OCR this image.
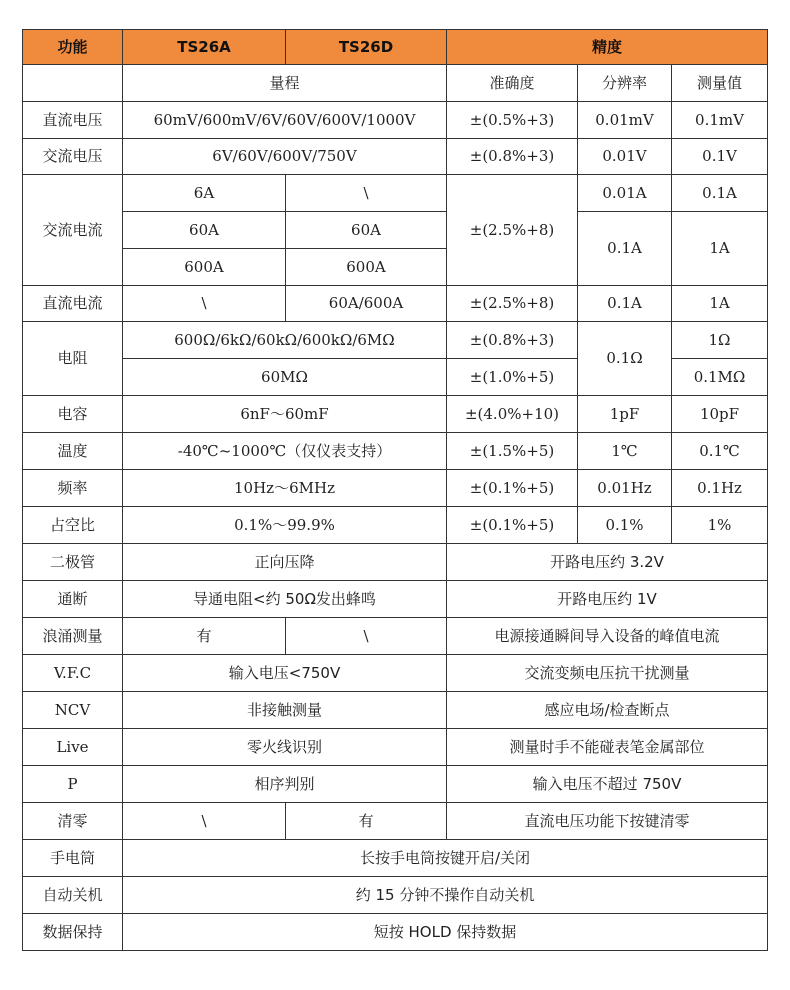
功能	TS26A	TS26D	精度		
	量程		准确度	分辨率	测量值
直流电压	60mV/600mV/6V/60V/600V/1000V		±(0.5%+3)	0.01mV	0.1mV
交流电压	6V/60V/600V/750V		±(0.8%+3)	0.01V	0.1V
交流电流	6A	\	±(2.5%+8)	0.01A	0.1A
	60A	60A		0.1A	1A
	600A	600A			
直流电流	\	60A/600A	±(2.5%+8)	0.1A	1A
电阻	600Ω/6kΩ/60kΩ/600kΩ/6MΩ		±(0.8%+3)	0.1Ω	1Ω
	60MΩ		±(1.0%+5)		0.1MΩ
电容	6nF～60mF		±(4.0%+10)	1pF	10pF
温度	-40℃~1000℃（仅仪表支持）		±(1.5%+5)	1℃	0.1℃
频率	10Hz～6MHz		±(0.1%+5)	0.01Hz	0.1Hz
占空比	0.1%～99.9%		±(0.1%+5)	0.1%	1%
二极管	正向压降		开路电压约 3.2V		
通断	导通电阻<约 50Ω发出蜂鸣		开路电压约 1V		
浪涌测量	有	\	电源接通瞬间导入设备的峰值电流		
V.F.C	输入电压<750V		交流变频电压抗干扰测量		
NCV	非接触测量		感应电场/检查断点		
Live	零火线识别		测量时手不能碰表笔金属部位		
P	相序判别		输入电压不超过 750V		
清零	\	有	直流电压功能下按键清零		
手电筒	长按手电筒按键开启/关闭				
自动关机	约 15 分钟不操作自动关机				
数据保持	短按 HOLD 保持数据				
